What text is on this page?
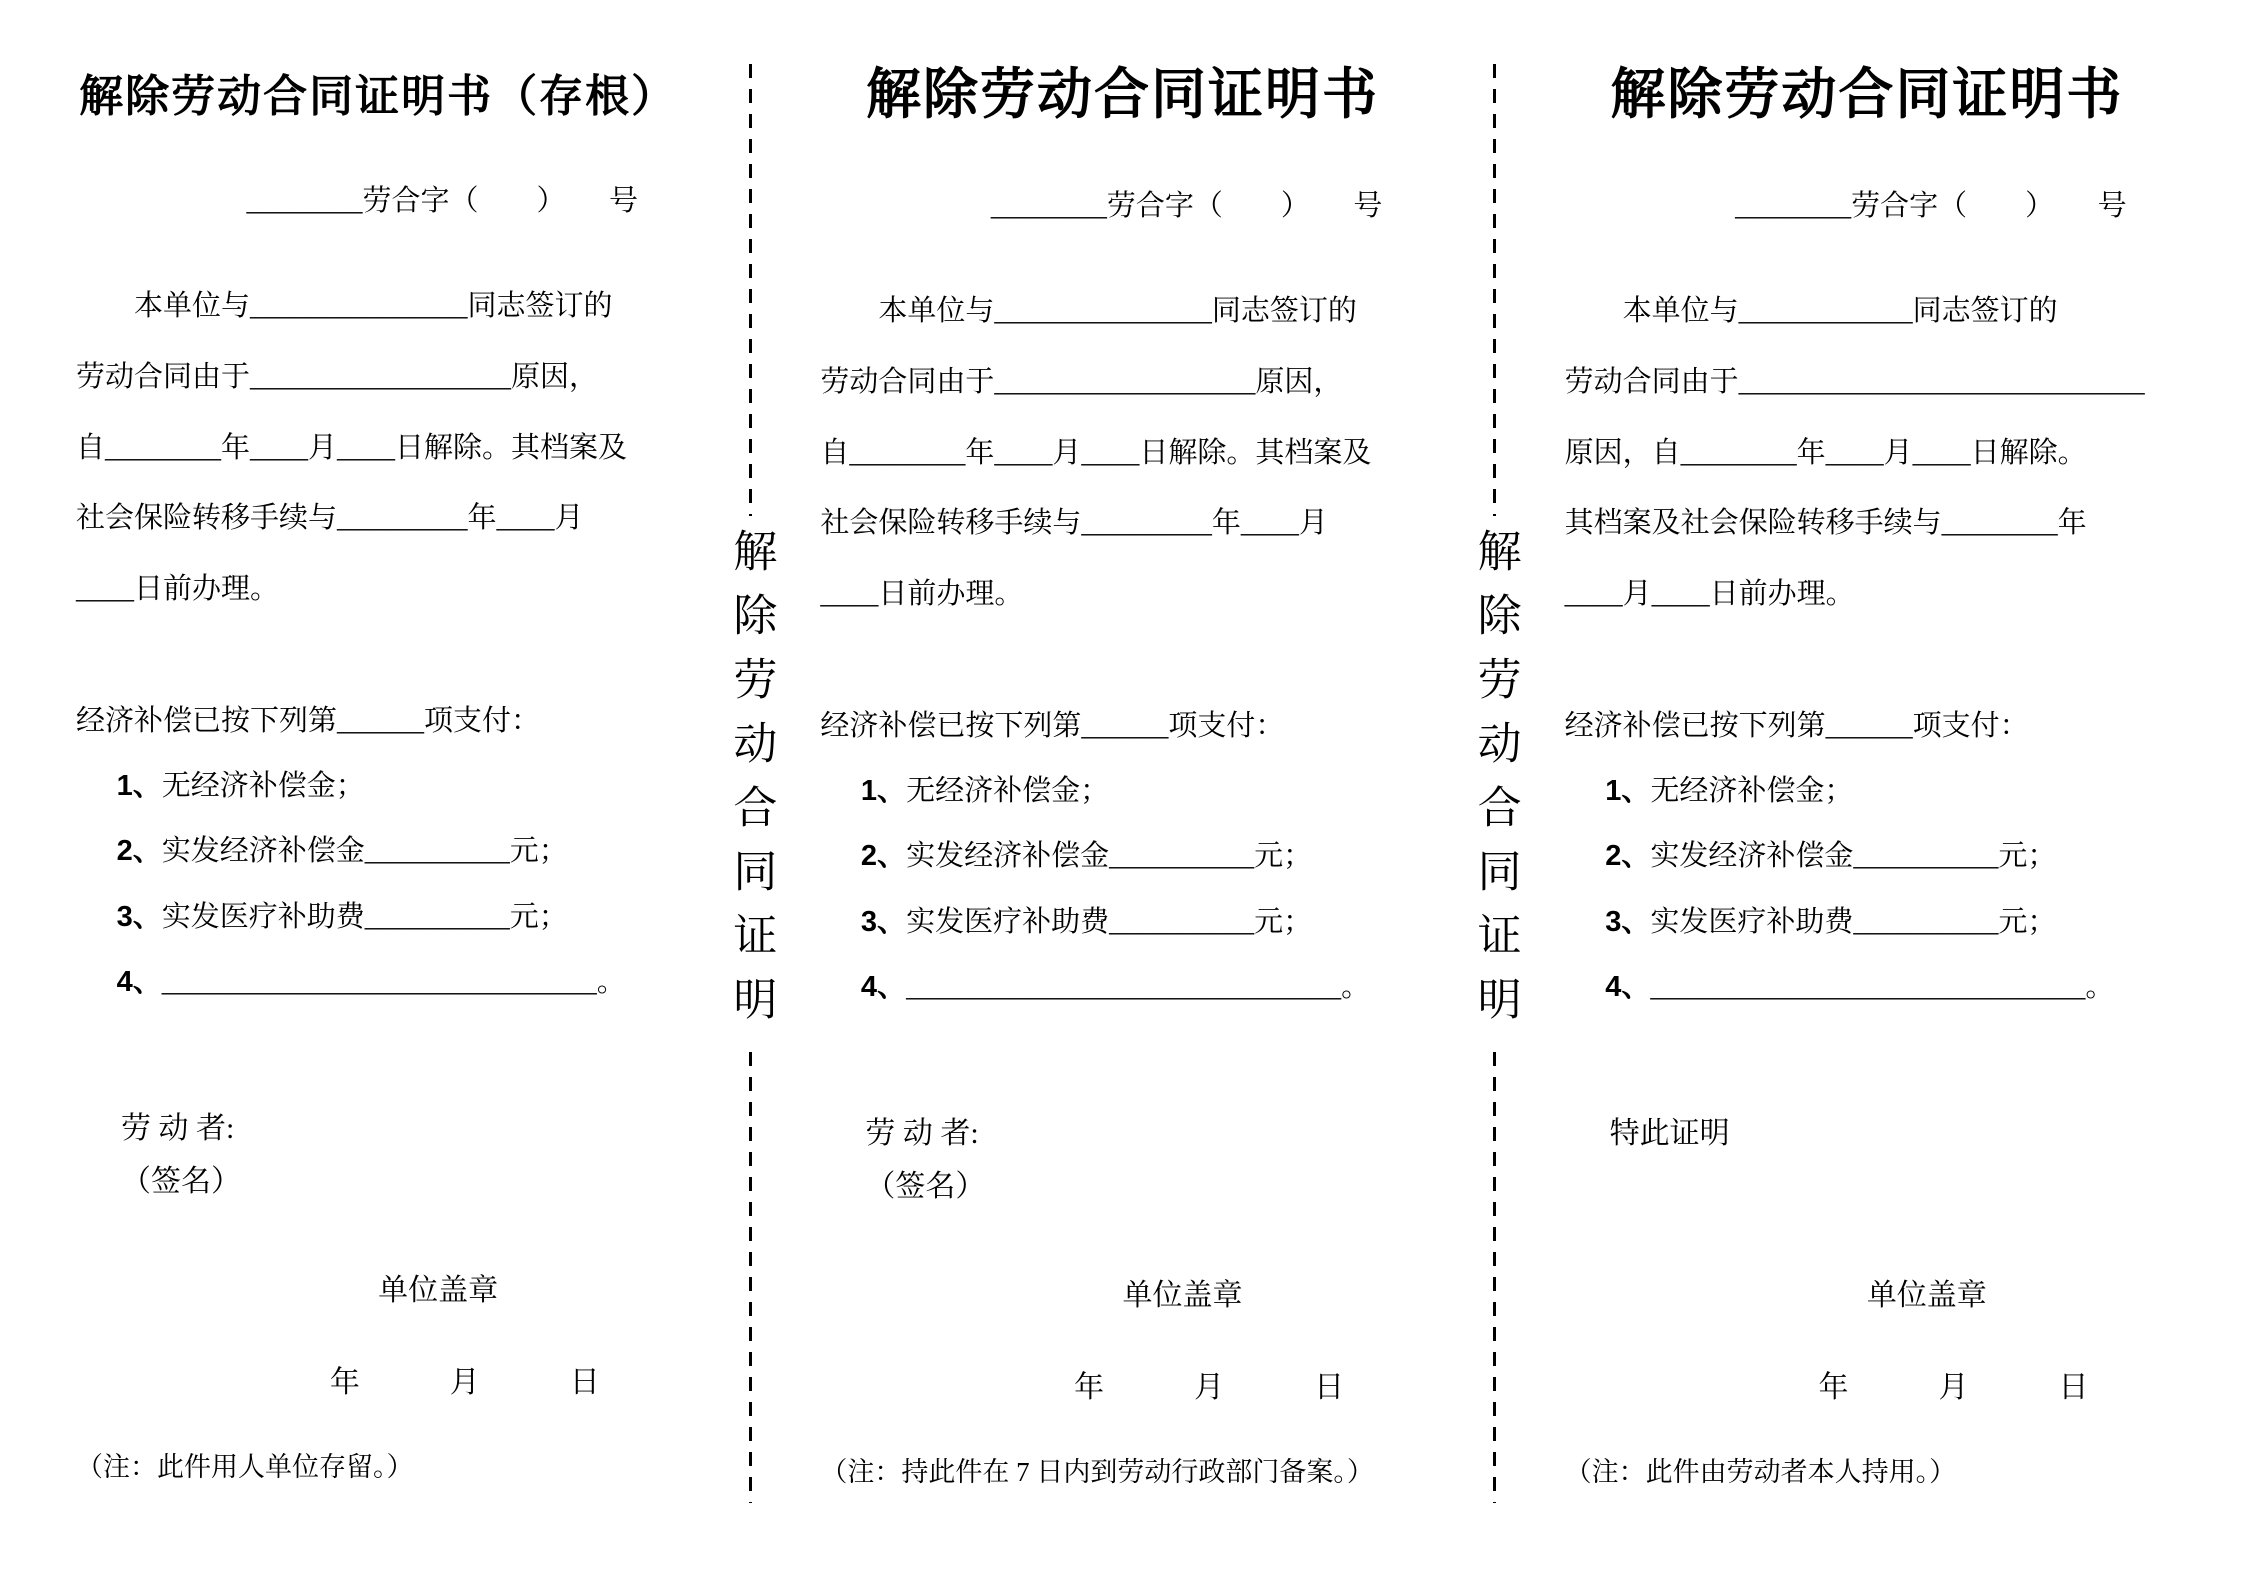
解除劳动合同证明书（存根）
________劳合字（　　）　　号
本单位与_______________同志签订的
劳动合同由于__________________原因，
自________年____月____日解除。其档案及
社会保险转移手续与_________年____月
____日前办理。
经济补偿已按下列第______项支付：
1、无经济补偿金；
2、实发经济补偿金__________元；
3、实发医疗补助费__________元；
4、______________________________。
劳 动 者:
（签名）
单位盖章
年　　　月　　　日
（注：此件用人单位存留。）
解除劳动合同证明
解除劳动合同证明书
________劳合字（　　）　　号
本单位与_______________同志签订的
劳动合同由于__________________原因，
自________年____月____日解除。其档案及
社会保险转移手续与_________年____月
____日前办理。
经济补偿已按下列第______项支付：
1、无经济补偿金；
2、实发经济补偿金__________元；
3、实发医疗补助费__________元；
4、______________________________。
劳 动 者:
（签名）
单位盖章
年　　　月　　　日
（注：持此件在 7 日内到劳动行政部门备案。）
解除劳动合同证明
解除劳动合同证明书
________劳合字（　　）　　号
本单位与____________同志签订的
劳动合同由于____________________________
原因，自________年____月____日解除。
其档案及社会保险转移手续与________年
____月____日前办理。
经济补偿已按下列第______项支付：
1、无经济补偿金；
2、实发经济补偿金__________元；
3、实发医疗补助费__________元；
4、______________________________。
特此证明
单位盖章
年　　　月　　　日
（注：此件由劳动者本人持用。）
